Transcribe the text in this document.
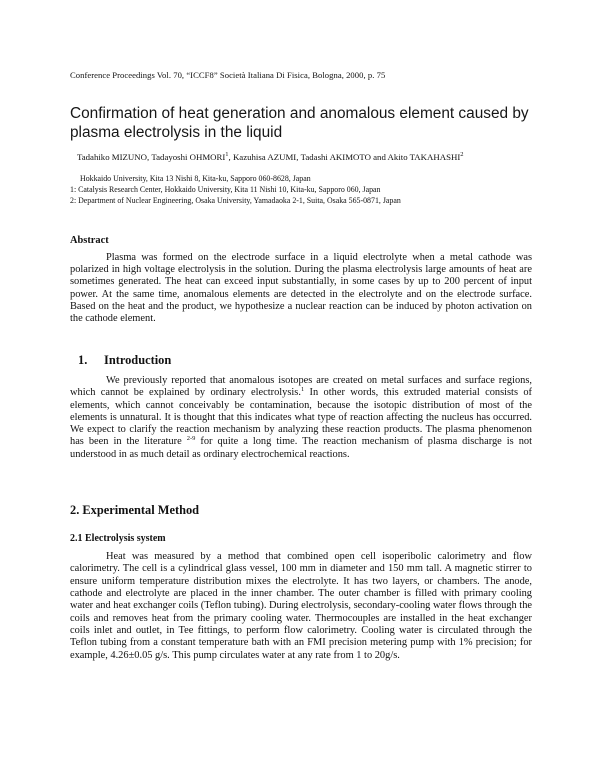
Conference Proceedings Vol. 70, “ICCF8” Società Italiana Di Fisica, Bologna, 2000, p. 75
Confirmation of heat generation and anomalous element caused by plasma electrolysis in the liquid
Tadahiko MIZUNO, Tadayoshi OHMORI$^1$, Kazuhisa AZUMI, Tadashi AKIMOTO and Akito TAKAHASHI$^2$
Hokkaido University, Kita 13 Nishi 8, Kita-ku, Sapporo 060-8628, Japan
1: Catalysis Research Center, Hokkaido University, Kita 11 Nishi 10, Kita-ku, Sapporo 060, Japan
2: Department of Nuclear Engineering, Osaka University, Yamadaoka 2-1, Suita, Osaka 565-0871, Japan
Abstract

Plasma was formed on the electrode surface in a liquid electrolyte when a metal cathode was polarized in high voltage electrolysis in the solution. During the plasma electrolysis large amounts of heat are sometimes generated. The heat can exceed input substantially, in some cases by up to 200 percent of input power. At the same time, anomalous elements are detected in the electrolyte and on the electrode surface. Based on the heat and the product, we hypothesize a nuclear reaction can be induced by photon activation on the cathode element.

1. Introduction

We previously reported that anomalous isotopes are created on metal surfaces and surface regions, which cannot be explained by ordinary electrolysis.$^1$ In other words, this extruded material consists of elements, which cannot conceivably be contamination, because the isotopic distribution of most of the elements is unnatural. It is thought that this indicates what type of reaction affecting the nucleus has occurred. We expect to clarify the reaction mechanism by analyzing these reaction products. The plasma phenomenon has been in the literature $^{2-9}$ for quite a long time. The reaction mechanism of plasma discharge is not understood in as much detail as ordinary electrochemical reactions.

2. Experimental Method
2.1 Electrolysis system

Heat was measured by a method that combined open cell isoperibolic calorimetry and flow calorimetry. The cell is a cylindrical glass vessel, 100 mm in diameter and 150 mm tall. A magnetic stirrer to ensure uniform temperature distribution mixes the electrolyte. It has two layers, or chambers. The anode, cathode and electrolyte are placed in the inner chamber. The outer chamber is filled with primary cooling water and heat exchanger coils (Teflon tubing). During electrolysis, secondary-cooling water flows through the coils and removes heat from the primary cooling water. Thermocouples are installed in the heat exchanger coils inlet and outlet, in Tee fittings, to perform flow calorimetry. Cooling water is circulated through the Teflon tubing from a constant temperature bath with an FMI precision metering pump with 1% precision; for example, 4.26±0.05 g/s. This pump circulates water at any rate from 1 to 20g/s.
